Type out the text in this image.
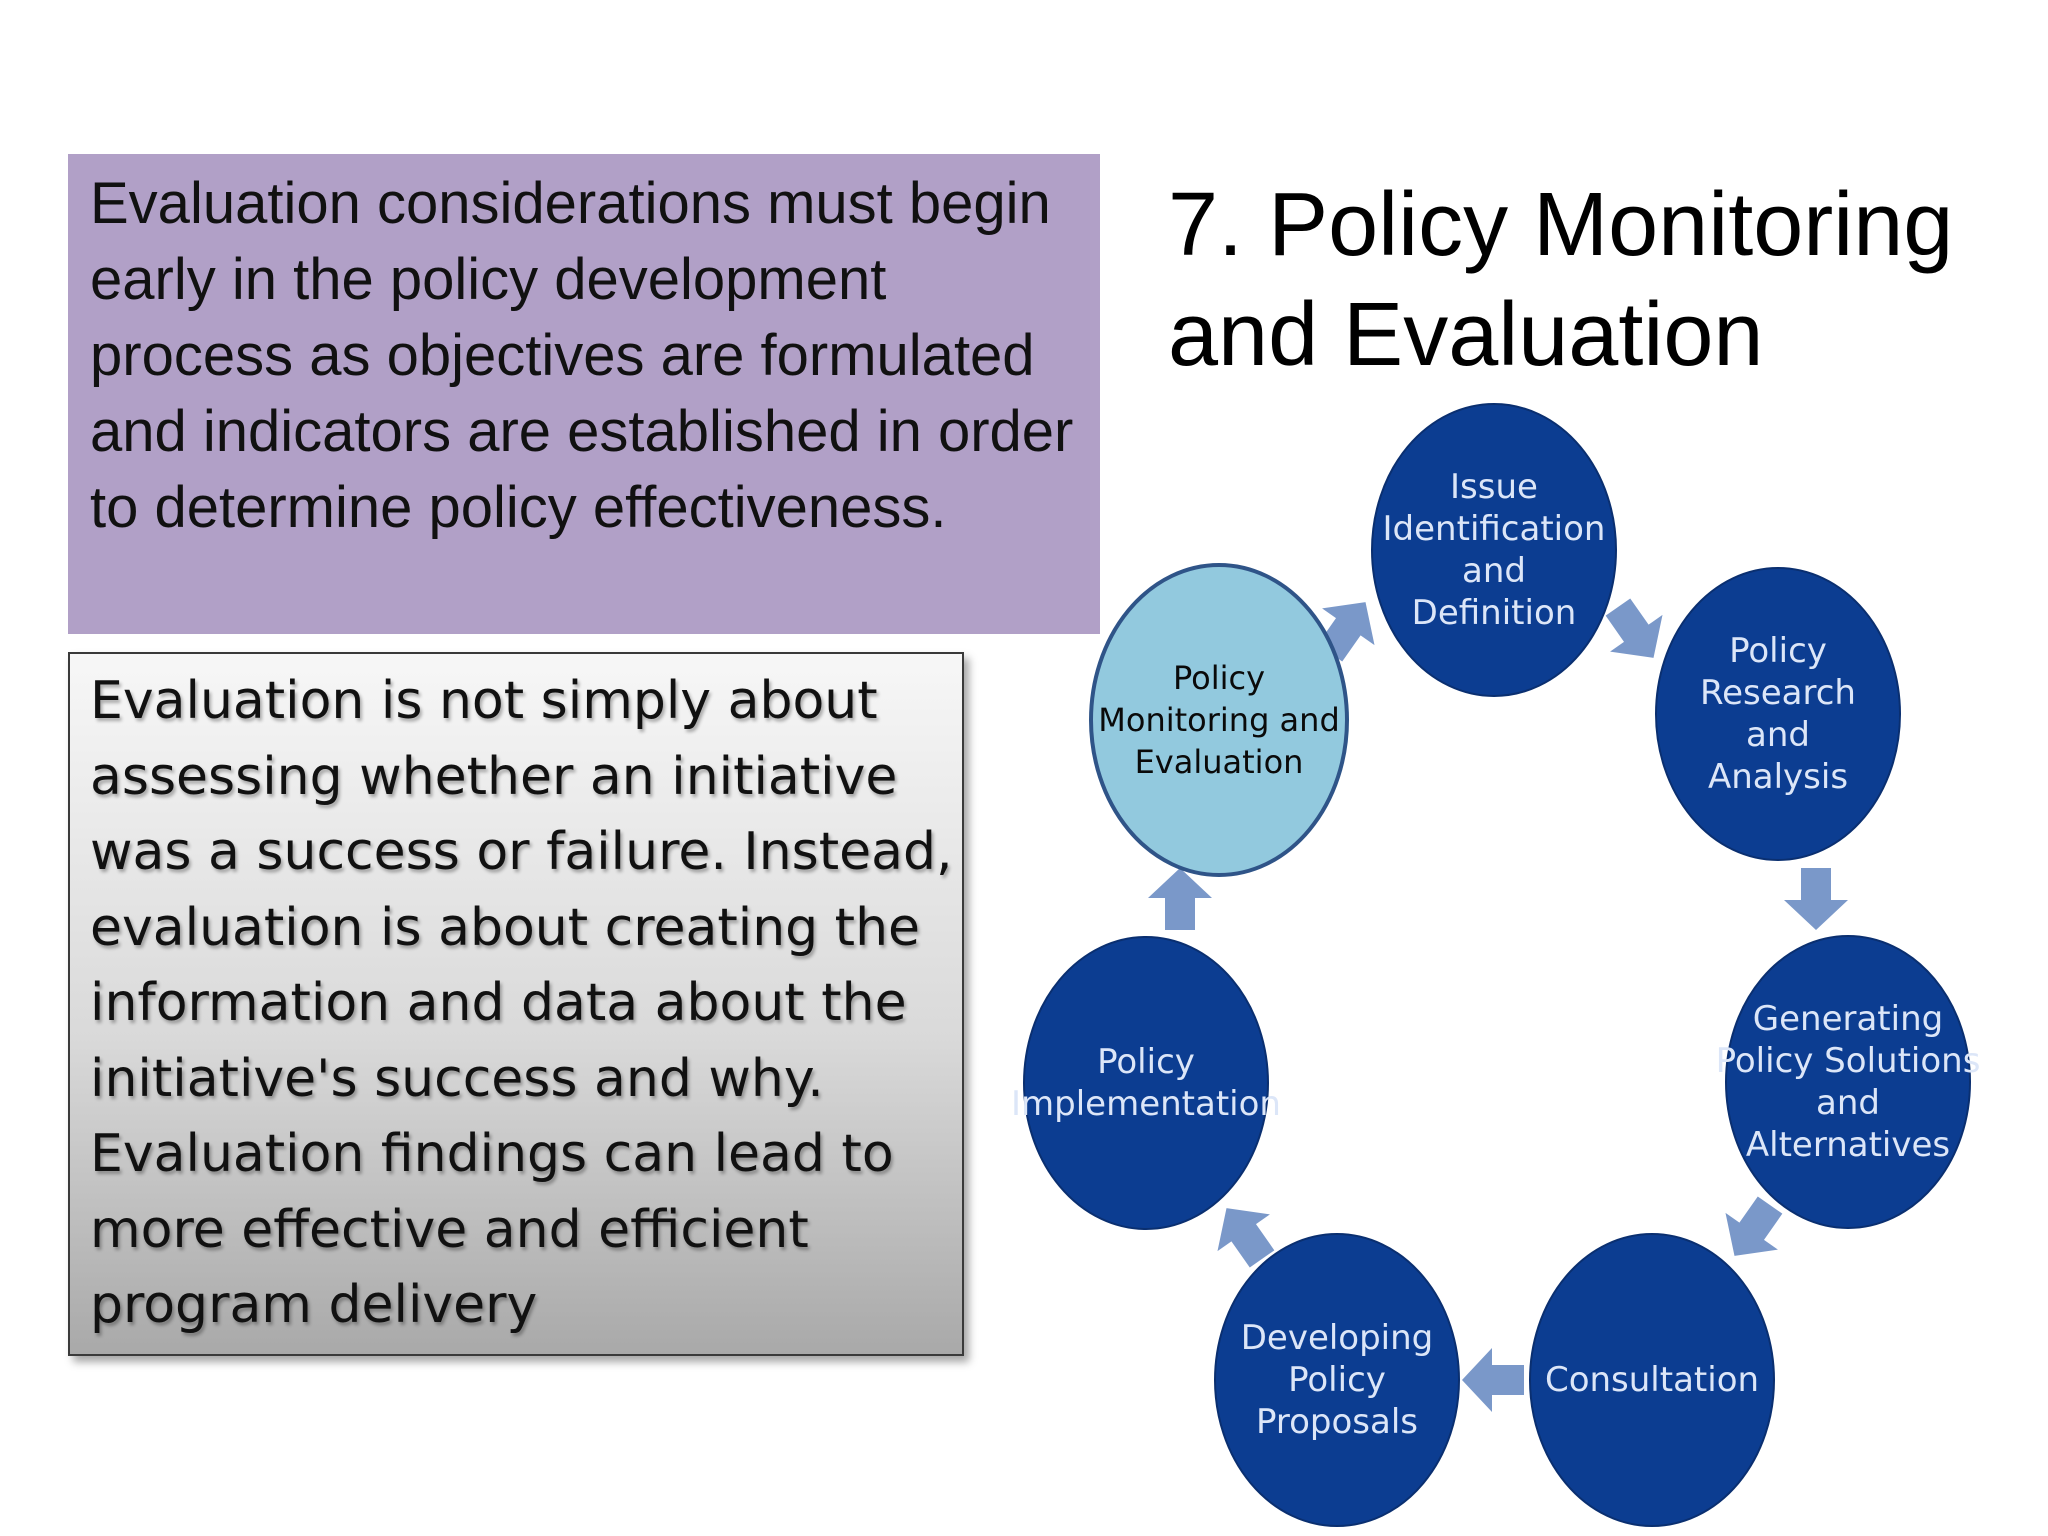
Evaluation considerations must begin early in the policy development process as objectives are formulated and indicators are established in order to determine policy effectiveness.

Evaluation is not simply about assessing whether an initiative was a success or failure. Instead, evaluation is about creating the information and data about the initiative's success and why. Evaluation findings can lead to more effective and efficient program delivery

7. Policy Monitoring and Evaluation
Issue
Identification
and
Definition
Policy
Research
and
Analysis
Generating
Policy Solutions
and
Alternatives
Consultation
Developing
Policy
Proposals
Policy
Implementation
Policy
Monitoring and
Evaluation
